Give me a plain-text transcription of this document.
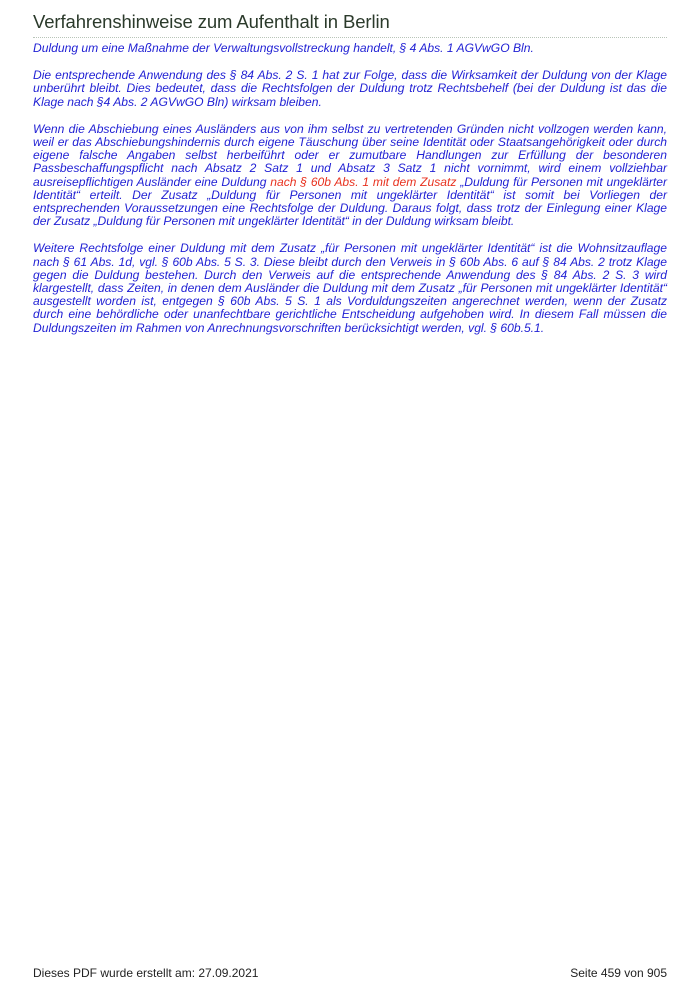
Verfahrenshinweise zum Aufenthalt in Berlin

Duldung um eine Maßnahme der Verwaltungsvollstreckung handelt, § 4 Abs. 1 AGVwGO Bln.

Die entsprechende Anwendung des § 84 Abs. 2 S. 1 hat zur Folge, dass die Wirksamkeit der Duldung von der Klage unberührt bleibt. Dies bedeutet, dass die Rechtsfolgen der Duldung trotz Rechtsbehelf (bei der Duldung ist das die Klage nach §4 Abs. 2 AGVwGO Bln) wirksam bleiben.

Wenn die Abschiebung eines Ausländers aus von ihm selbst zu vertretenden Gründen nicht vollzogen werden kann, weil er das Abschiebungshindernis durch eigene Täuschung über seine Identität oder Staatsangehörigkeit oder durch eigene falsche Angaben selbst herbeiführt oder er zumutbare Handlungen zur Erfüllung der besonderen Passbeschaffungspflicht nach Absatz 2 Satz 1 und Absatz 3 Satz 1 nicht vornimmt, wird einem vollziehbar ausreisepflichtigen Ausländer eine Duldung nach § 60b Abs. 1 mit dem Zusatz „Duldung für Personen mit ungeklärter Identität“ erteilt. Der Zusatz „Duldung für Personen mit ungeklärter Identität“ ist somit bei Vorliegen der entsprechenden Voraussetzungen eine Rechtsfolge der Duldung. Daraus folgt, dass trotz der Einlegung einer Klage der Zusatz „Duldung für Personen mit ungeklärter Identität“ in der Duldung wirksam bleibt.

Weitere Rechtsfolge einer Duldung mit dem Zusatz „für Personen mit ungeklärter Identität“ ist die Wohnsitzauflage nach § 61 Abs. 1d, vgl. § 60b Abs. 5 S. 3. Diese bleibt durch den Verweis in § 60b Abs. 6 auf § 84 Abs. 2 trotz Klage gegen die Duldung bestehen. Durch den Verweis auf die entsprechende Anwendung des § 84 Abs. 2 S. 3 wird klargestellt, dass Zeiten, in denen dem Ausländer die Duldung mit dem Zusatz „für Personen mit ungeklärter Identität“ ausgestellt worden ist, entgegen § 60b Abs. 5 S. 1 als Vorduldungszeiten angerechnet werden, wenn der Zusatz durch eine behördliche oder unanfechtbare gerichtliche Entscheidung aufgehoben wird. In diesem Fall müssen die Duldungszeiten im Rahmen von Anrechnungsvorschriften berücksichtigt werden, vgl. § 60b.5.1.

Dieses PDF wurde erstellt am: 27.09.2021	Seite 459 von 905
